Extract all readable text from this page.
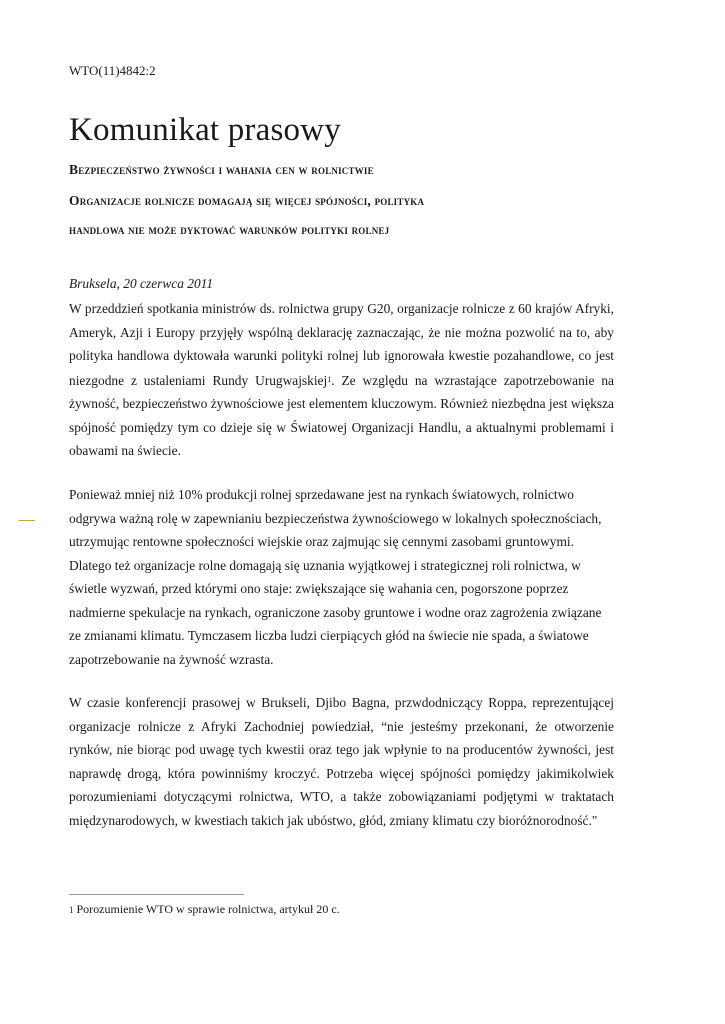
WTO(11)4842:2
Komunikat prasowy
Bezpieczeństwo żywności i wahania cen w rolnictwie
Organizacje rolnicze domagają się więcej spójności, polityka
handlowa nie może dyktować warunków polityki rolnej
Bruksela, 20 czerwca 2011

W przeddzień spotkania ministrów ds. rolnictwa grupy G20, organizacje rolnicze z 60 krajów Afryki, Ameryk, Azji i Europy przyjęły wspólną deklarację zaznaczając, że nie można pozwolić na to, aby polityka handlowa dyktowała warunki polityki rolnej lub ignorowała kwestie pozahandlowe, co jest niezgodne z ustaleniami Rundy Urugwajskiej$^1$. Ze względu na wzrastające zapotrzebowanie na żywność, bezpieczeństwo żywnościowe jest elementem kluczowym. Również niezbędna jest większa spójność pomiędzy tym co dzieje się w Światowej Organizacji Handlu, a aktualnymi problemami i obawami na świecie.

Ponieważ mniej niż 10% produkcji rolnej sprzedawane jest na rynkach światowych, rolnictwo odgrywa ważną rolę w zapewnianiu bezpieczeństwa żywnościowego w lokalnych społecznościach, utrzymując rentowne społeczności wiejskie oraz zajmując się cennymi zasobami gruntowymi. Dlatego też organizacje rolne domagają się uznania wyjątkowej i strategicznej roli rolnictwa, w świetle wyzwań, przed którymi ono staje: zwiększające się wahania cen, pogorszone poprzez nadmierne spekulacje na rynkach, ograniczone zasoby gruntowe i wodne oraz zagrożenia związane ze zmianami klimatu. Tymczasem liczba ludzi cierpiących głód na świecie nie spada, a światowe zapotrzebowanie na żywność wzrasta.

W czasie konferencji prasowej w Brukseli, Djibo Bagna, przwdodniczący Roppa, reprezentującej organizacje rolnicze z Afryki Zachodniej powiedział, “nie jesteśmy przekonani, że otworzenie rynków, nie biorąc pod uwagę tych kwestii oraz tego jak wpłynie to na producentów żywności, jest naprawdę drogą, która powinniśmy kroczyć. Potrzeba więcej spójności pomiędzy jakimikolwiek porozumieniami dotyczącymi rolnictwa, WTO, a także zobowiązaniami podjętymi w traktatach międzynarodowych, w kwestiach takich jak ubóstwo, głód, zmiany klimatu czy bioróżnorodność."

1 Porozumienie WTO w sprawie rolnictwa, artykuł 20 c.
